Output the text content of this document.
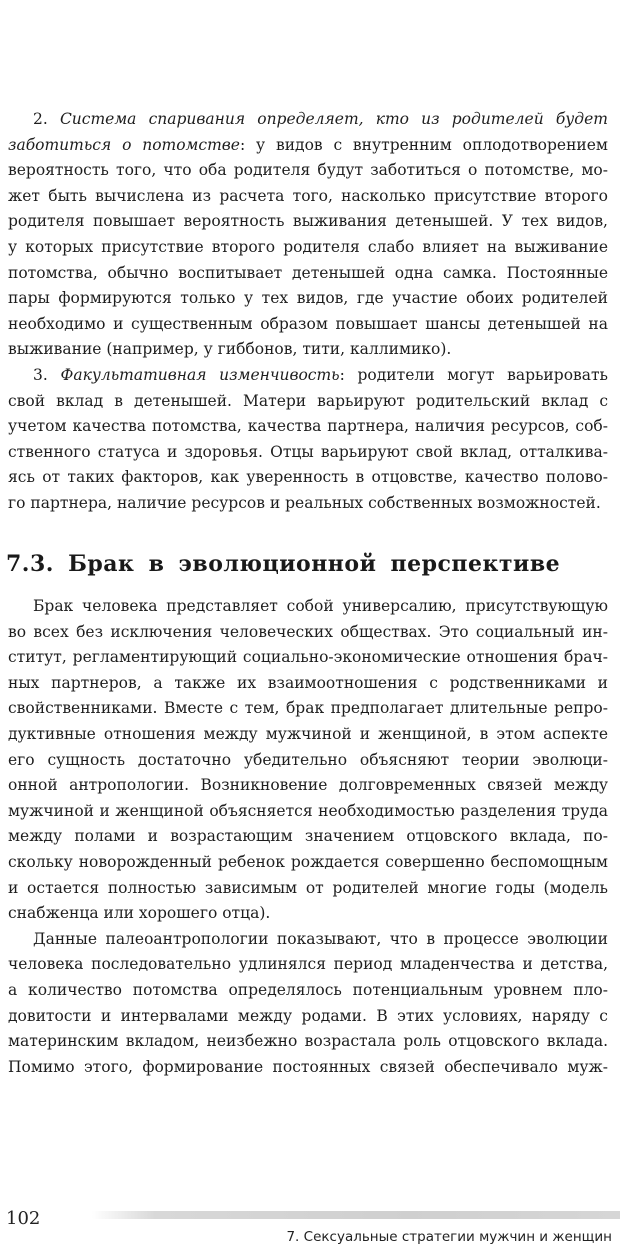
2. Система спаривания определяет, кто из родителей будет
заботиться о потомстве: у видов с внутренним оплодотворением
вероятность того, что оба родителя будут заботиться о потомстве, мо-
жет быть вычислена из расчета того, насколько присутствие второго
родителя повышает вероятность выживания детенышей. У тех видов,
у которых присутствие второго родителя слабо влияет на выживание
потомства, обычно воспитывает детенышей одна самка. Постоянные
пары формируются только у тех видов, где участие обоих родителей
необходимо и существенным образом повышает шансы детенышей на
выживание (например, у гиббонов, тити, каллимико).
3. Факультативная изменчивость: родители могут варьировать
свой вклад в детенышей. Матери варьируют родительский вклад с
учетом качества потомства, качества партнера, наличия ресурсов, соб-
ственного статуса и здоровья. Отцы варьируют свой вклад, отталкива-
ясь от таких факторов, как уверенность в отцовстве, качество полово-
го партнера, наличие ресурсов и реальных собственных возможностей.
7.3. Брак в эволюционной перспективе
Брак человека представляет собой универсалию, присутствующую
во всех без исключения человеческих обществах. Это социальный ин-
ститут, регламентирующий социально-экономические отношения брач-
ных партнеров, а также их взаимоотношения с родственниками и
свойственниками. Вместе с тем, брак предполагает длительные репро-
дуктивные отношения между мужчиной и женщиной, в этом аспекте
его сущность достаточно убедительно объясняют теории эволюци-
онной антропологии. Возникновение долговременных связей между
мужчиной и женщиной объясняется необходимостью разделения труда
между полами и возрастающим значением отцовского вклада, по-
скольку новорожденный ребенок рождается совершенно беспомощным
и остается полностью зависимым от родителей многие годы (модель
снабженца или хорошего отца).
Данные палеоантропологии показывают, что в процессе эволюции
человека последовательно удлинялся период младенчества и детства,
а количество потомства определялось потенциальным уровнем пло-
довитости и интервалами между родами. В этих условиях, наряду с
материнским вкладом, неизбежно возрастала роль отцовского вклада.
Помимо этого, формирование постоянных связей обеспечивало муж-
102
7. Сексуальные стратегии мужчин и женщин
